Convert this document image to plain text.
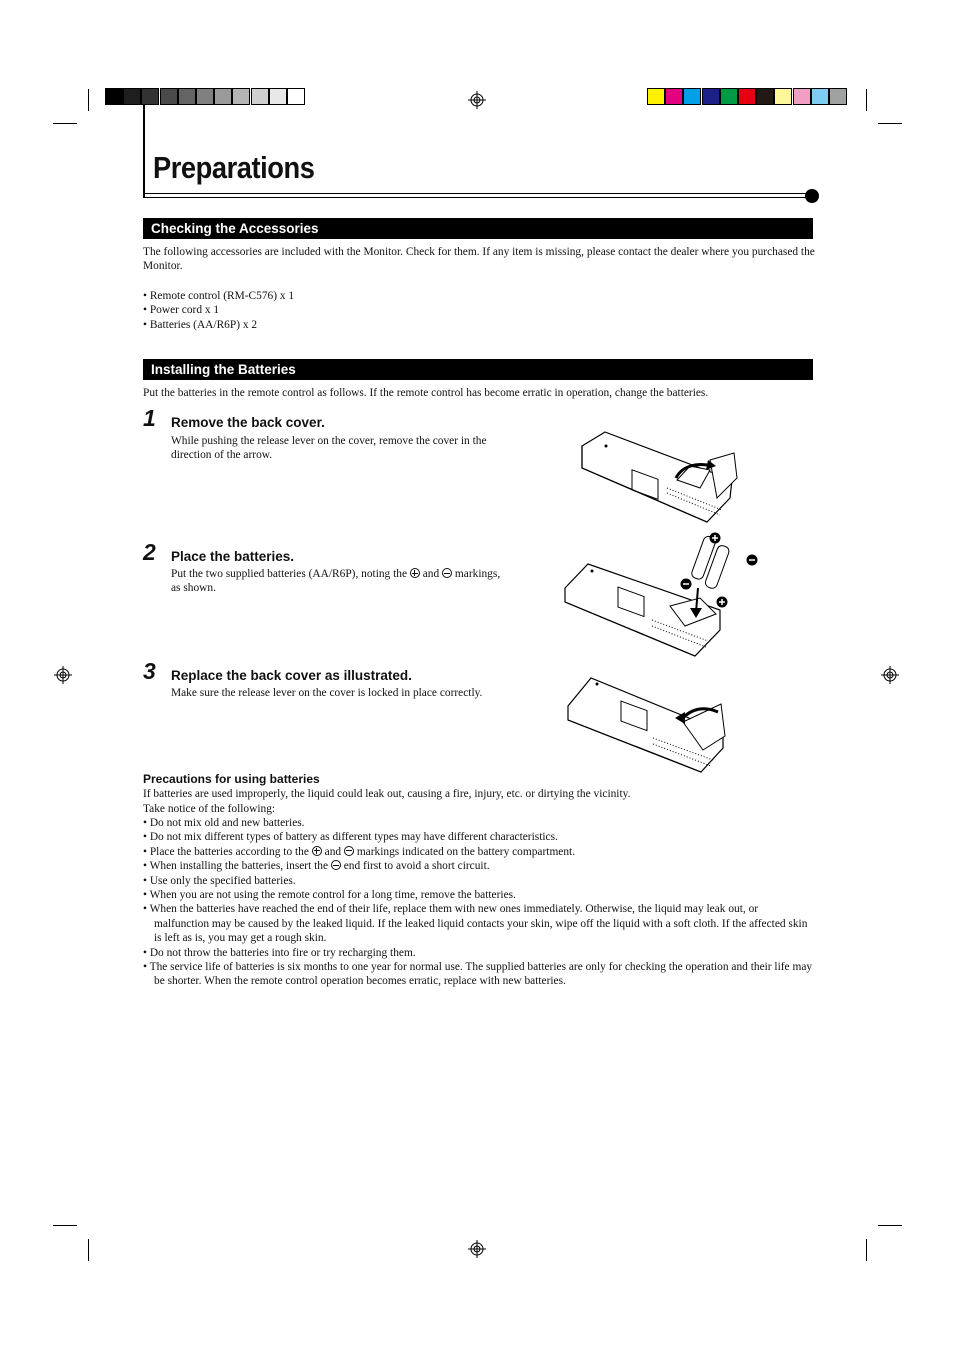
Preparations
Checking the Accessories
The following accessories are included with the Monitor. Check for them. If any item is missing, please contact the dealer where you purchased the Monitor.
• Remote control (RM-C576) x 1
• Power cord x 1
• Batteries (AA/R6P) x 2
Installing the Batteries
Put the batteries in the remote control as follows. If the remote control has become erratic in operation, change the batteries.
1 Remove the back cover.
While pushing the release lever on the cover, remove the cover in the direction of the arrow.
2 Place the batteries.
Put the two supplied batteries (AA/R6P), noting the and markings, as shown.
3 Replace the back cover as illustrated.
Make sure the release lever on the cover is locked in place correctly.
Precautions for using batteries
If batteries are used improperly, the liquid could leak out, causing a fire, injury, etc. or dirtying the vicinity.
Take notice of the following:
• Do not mix old and new batteries.
• Do not mix different types of battery as different types may have different characteristics.
• Place the batteries according to the and markings indicated on the battery compartment.
• When installing the batteries, insert the end first to avoid a short circuit.
• Use only the specified batteries.
• When you are not using the remote control for a long time, remove the batteries.
• When the batteries have reached the end of their life, replace them with new ones immediately. Otherwise, the liquid may leak out, or malfunction may be caused by the leaked liquid. If the leaked liquid contacts your skin, wipe off the liquid with a soft cloth. If the affected skin is left as is, you may get a rough skin.
• Do not throw the batteries into fire or try recharging them.
• The service life of batteries is six months to one year for normal use. The supplied batteries are only for checking the operation and their life may be shorter. When the remote control operation becomes erratic, replace with new batteries.
